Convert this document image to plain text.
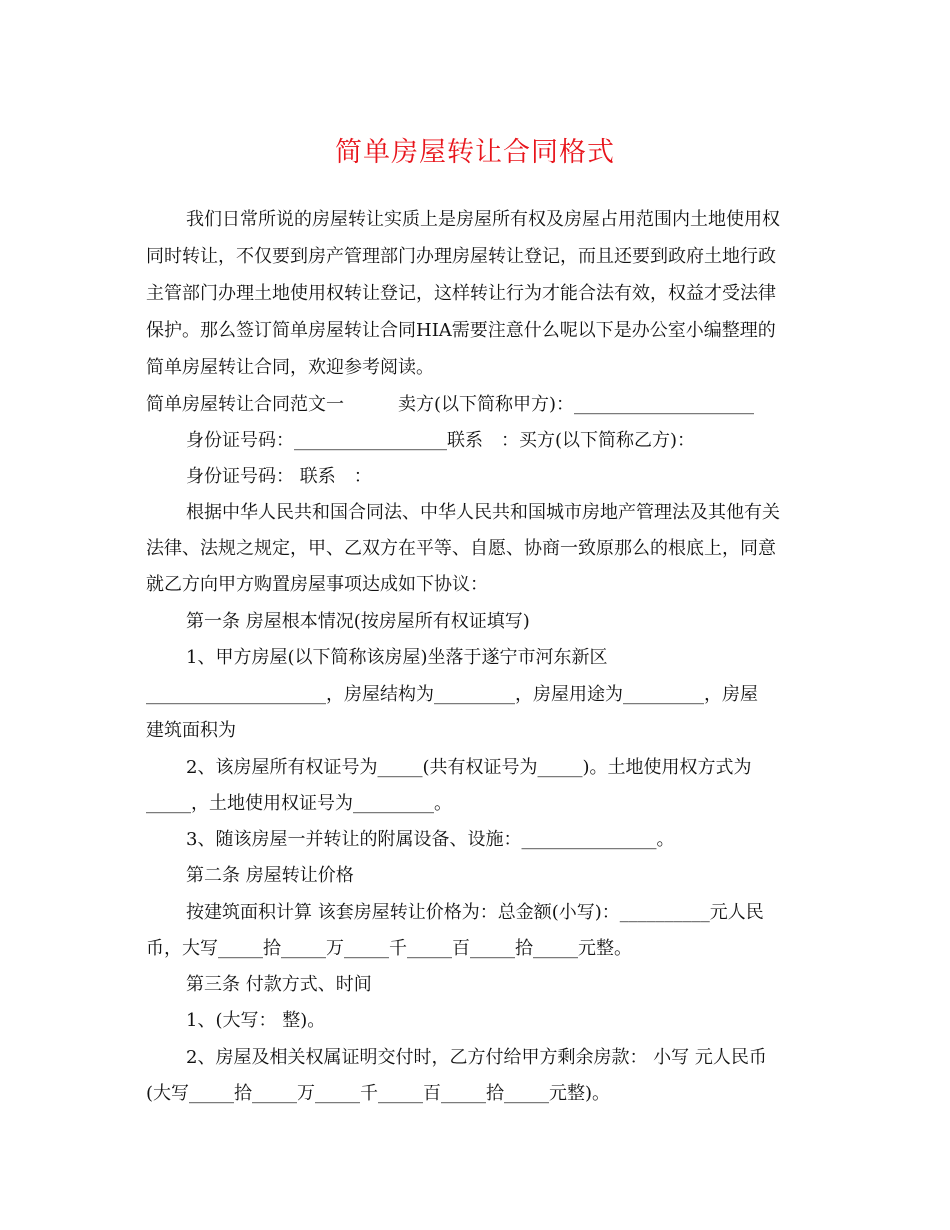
简单房屋转让合同格式
我们日常所说的房屋转让实质上是房屋所有权及房屋占用范围内土地使用权
同时转让，不仅要到房产管理部门办理房屋转让登记，而且还要到政府土地行政
主管部门办理土地使用权转让登记，这样转让行为才能合法有效，权益才受法律
保护。那么签订简单房屋转让合同HIA需要注意什么呢以下是办公室小编整理的
简单房屋转让合同，欢迎参考阅读。
简单房屋转让合同范文一　　　卖方(以下简称甲方)：____________________
身份证号码：_________________联系　：买方(以下简称乙方)：
身份证号码： 联系　：
根据中华人民共和国合同法、中华人民共和国城市房地产管理法及其他有关
法律、法规之规定，甲、乙双方在平等、自愿、协商一致原那么的根底上，同意
就乙方向甲方购置房屋事项达成如下协议：
第一条 房屋根本情况(按房屋所有权证填写)
1、甲方房屋(以下简称该房屋)坐落于遂宁市河东新区
____________________，房屋结构为_________，房屋用途为_________，房屋
建筑面积为
2、该房屋所有权证号为_____(共有权证号为_____)。土地使用权方式为
_____，土地使用权证号为_________。
3、随该房屋一并转让的附属设备、设施：_______________。
第二条 房屋转让价格
按建筑面积计算 该套房屋转让价格为：总金额(小写)：__________元人民
币，大写_____拾_____万_____千_____百_____拾_____元整。
第三条 付款方式、时间
1、(大写： 整)。
2、房屋及相关权属证明交付时，乙方付给甲方剩余房款： 小写 元人民币
(大写_____拾_____万_____千_____百_____拾_____元整)。
